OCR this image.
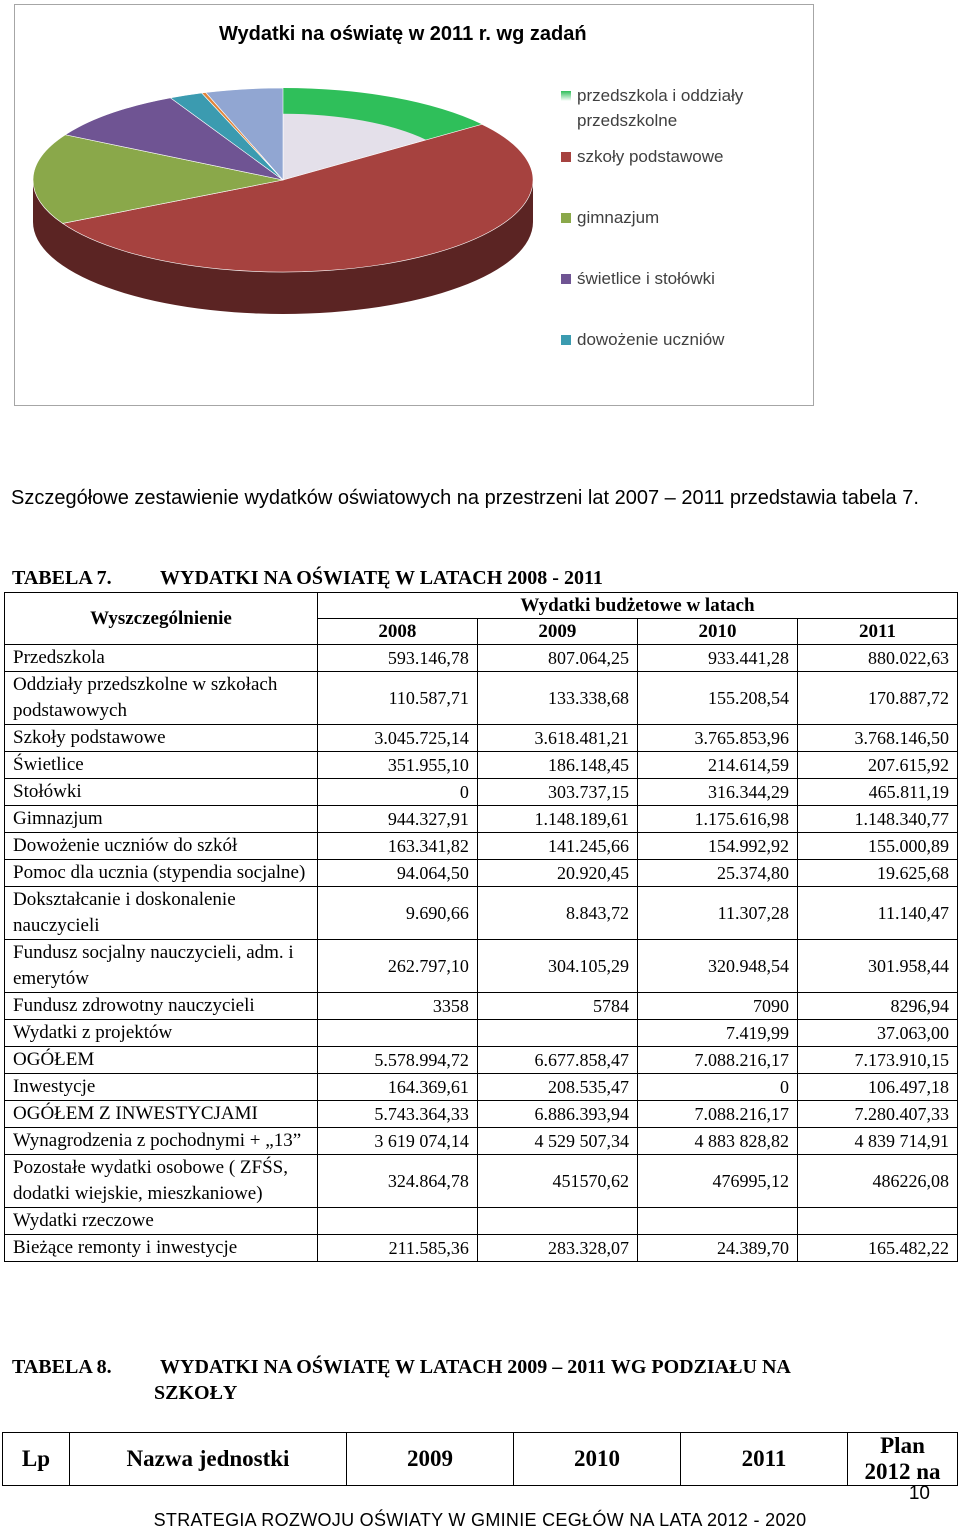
Wydatki na oświatę w 2011 r. wg zadań
przedszkola i oddziały przedszkolne
szkoły podstawowe
gimnazjum
świetlice i stołówki
dowożenie uczniów
Szczegółowe zestawienie wydatków oświatowych na przestrzeni lat 2007 – 2011 przedstawia tabela 7.
TABELA 7. WYDATKI NA OŚWIATĘ W LATACH 2008 - 2011
Wyszczególnienie	Wydatki budżetowe w latach			
	2008	2009	2010	2011
Przedszkola	593.146,78	807.064,25	933.441,28	880.022,63
Oddziały przedszkolne w szkołach podstawowych	110.587,71	133.338,68	155.208,54	170.887,72
Szkoły podstawowe	3.045.725,14	3.618.481,21	3.765.853,96	3.768.146,50
Świetlice	351.955,10	186.148,45	214.614,59	207.615,92
Stołówki	0	303.737,15	316.344,29	465.811,19
Gimnazjum	944.327,91	1.148.189,61	1.175.616,98	1.148.340,77
Dowożenie uczniów do szkół	163.341,82	141.245,66	154.992,92	155.000,89
Pomoc dla ucznia (stypendia socjalne)	94.064,50	20.920,45	25.374,80	19.625,68
Dokształcanie i doskonalenie nauczycieli	9.690,66	8.843,72	11.307,28	11.140,47
Fundusz socjalny nauczycieli, adm. i emerytów	262.797,10	304.105,29	320.948,54	301.958,44
Fundusz zdrowotny nauczycieli	3358	5784	7090	8296,94
Wydatki z projektów			7.419,99	37.063,00
OGÓŁEM	5.578.994,72	6.677.858,47	7.088.216,17	7.173.910,15
Inwestycje	164.369,61	208.535,47	0	106.497,18
OGÓŁEM Z INWESTYCJAMI	5.743.364,33	6.886.393,94	7.088.216,17	7.280.407,33
Wynagrodzenia z pochodnymi + „13”	3 619 074,14	4 529 507,34	4 883 828,82	4 839 714,91
Pozostałe wydatki osobowe ( ZFŚS, dodatki wiejskie, mieszkaniowe)	324.864,78	451570,62	476995,12	486226,08
Wydatki rzeczowe				
Bieżące remonty i inwestycje	211.585,36	283.328,07	24.389,70	165.482,22
TABELA 8. WYDATKI NA OŚWIATĘ W LATACH 2009 – 2011 WG PODZIAŁU NA
SZKOŁY
Lp	Nazwa jednostki	2009	2010	2011	Plan 2012 na
10
STRATEGIA ROZWOJU OŚWIATY W GMINIE CEGŁÓW NA LATA 2012 - 2020
